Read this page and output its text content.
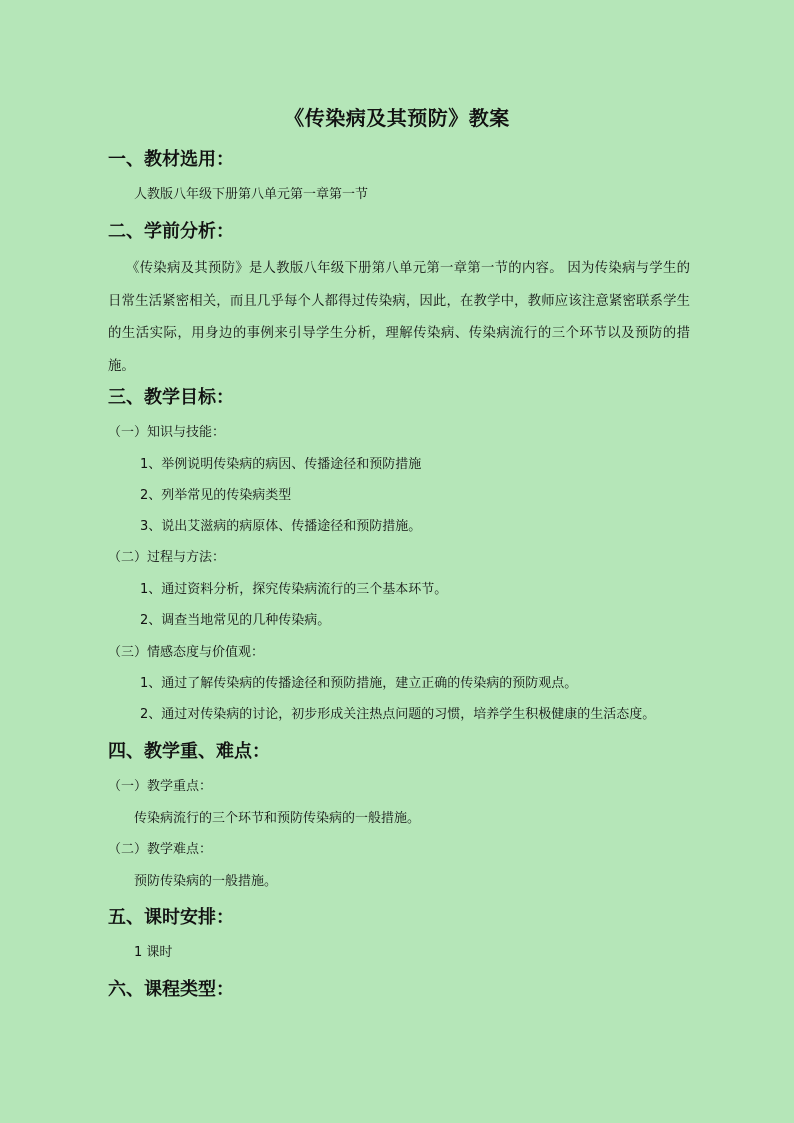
《传染病及其预防》教案
一、教材选用：
人教版八年级下册第八单元第一章第一节
二、学前分析：
《传染病及其预防》是人教版八年级下册第八单元第一章第一节的内容。 因为传染病与学生的日常生活紧密相关，而且几乎每个人都得过传染病，因此，在教学中，教师应该注意紧密联系学生的生活实际，用身边的事例来引导学生分析，理解传染病、传染病流行的三个环节以及预防的措施。
三、教学目标：
（一）知识与技能：
1、举例说明传染病的病因、传播途径和预防措施
2、列举常见的传染病类型
3、说出艾滋病的病原体、传播途径和预防措施。
（二）过程与方法：
1、通过资料分析，探究传染病流行的三个基本环节。
2、调查当地常见的几种传染病。
（三）情感态度与价值观：
1、通过了解传染病的传播途径和预防措施，建立正确的传染病的预防观点。
2、通过对传染病的讨论，初步形成关注热点问题的习惯，培养学生积极健康的生活态度。
四、教学重、难点：
（一）教学重点：
传染病流行的三个环节和预防传染病的一般措施。
（二）教学难点：
预防传染病的一般措施。
五、课时安排：
1 课时
六、课程类型：
